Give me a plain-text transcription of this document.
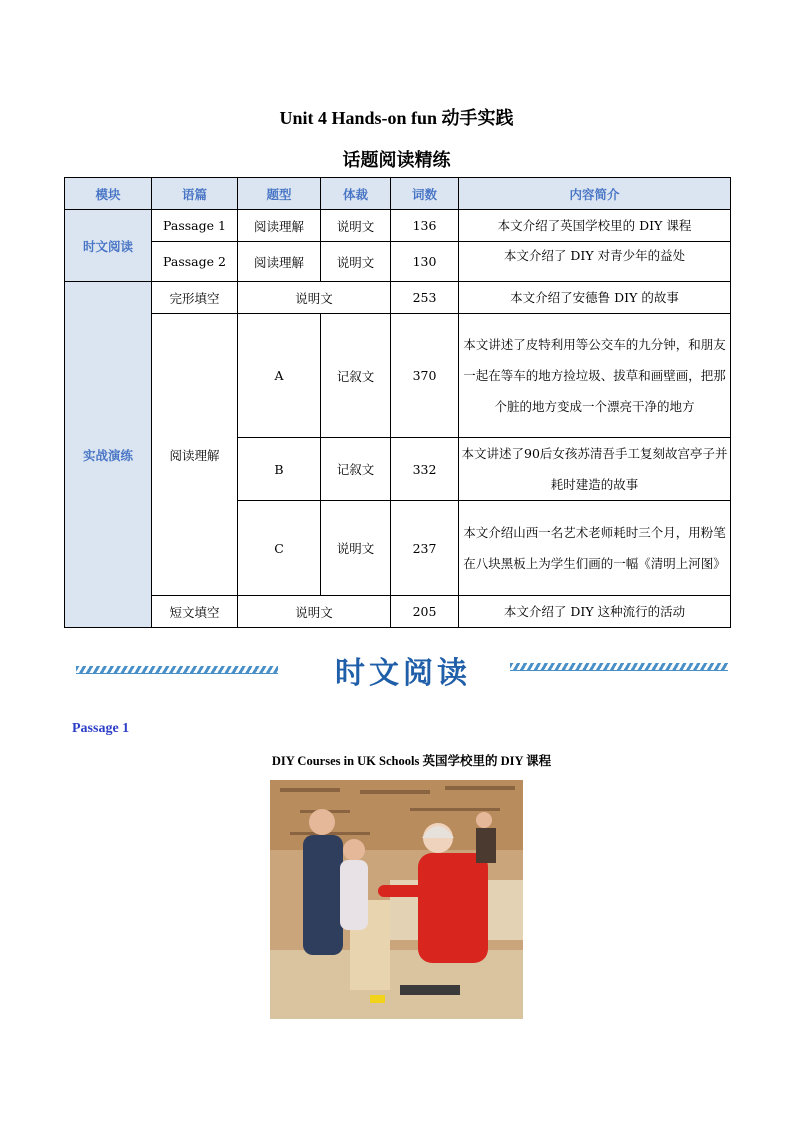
Unit 4 Hands-on fun 动手实践
话题阅读精练
模块	语篇	题型	体裁	词数	内容简介
时文阅读	Passage 1	阅读理解	说明文	136	本文介绍了英国学校里的 DIY 课程
	Passage 2	阅读理解	说明文	130	本文介绍了 DIY 对青少年的益处
实战演练	完形填空	说明文		253	本文介绍了安德鲁 DIY 的故事
	阅读理解	A	记叙文	370	本文讲述了皮特利用等公交车的九分钟，和朋友一起在等车的地方捡垃圾、拔草和画壁画，把那个脏的地方变成一个漂亮干净的地方
		B	记叙文	332	本文讲述了90后女孩苏清吾手工复刻故宫亭子并耗时建造的故事
		C	说明文	237	本文介绍山西一名艺术老师耗时三个月，用粉笔在八块黑板上为学生们画的一幅《清明上河图》
	短文填空	说明文		205	本文介绍了 DIY 这种流行的活动
时文阅读
Passage 1
DIY Courses in UK Schools 英国学校里的 DIY 课程
